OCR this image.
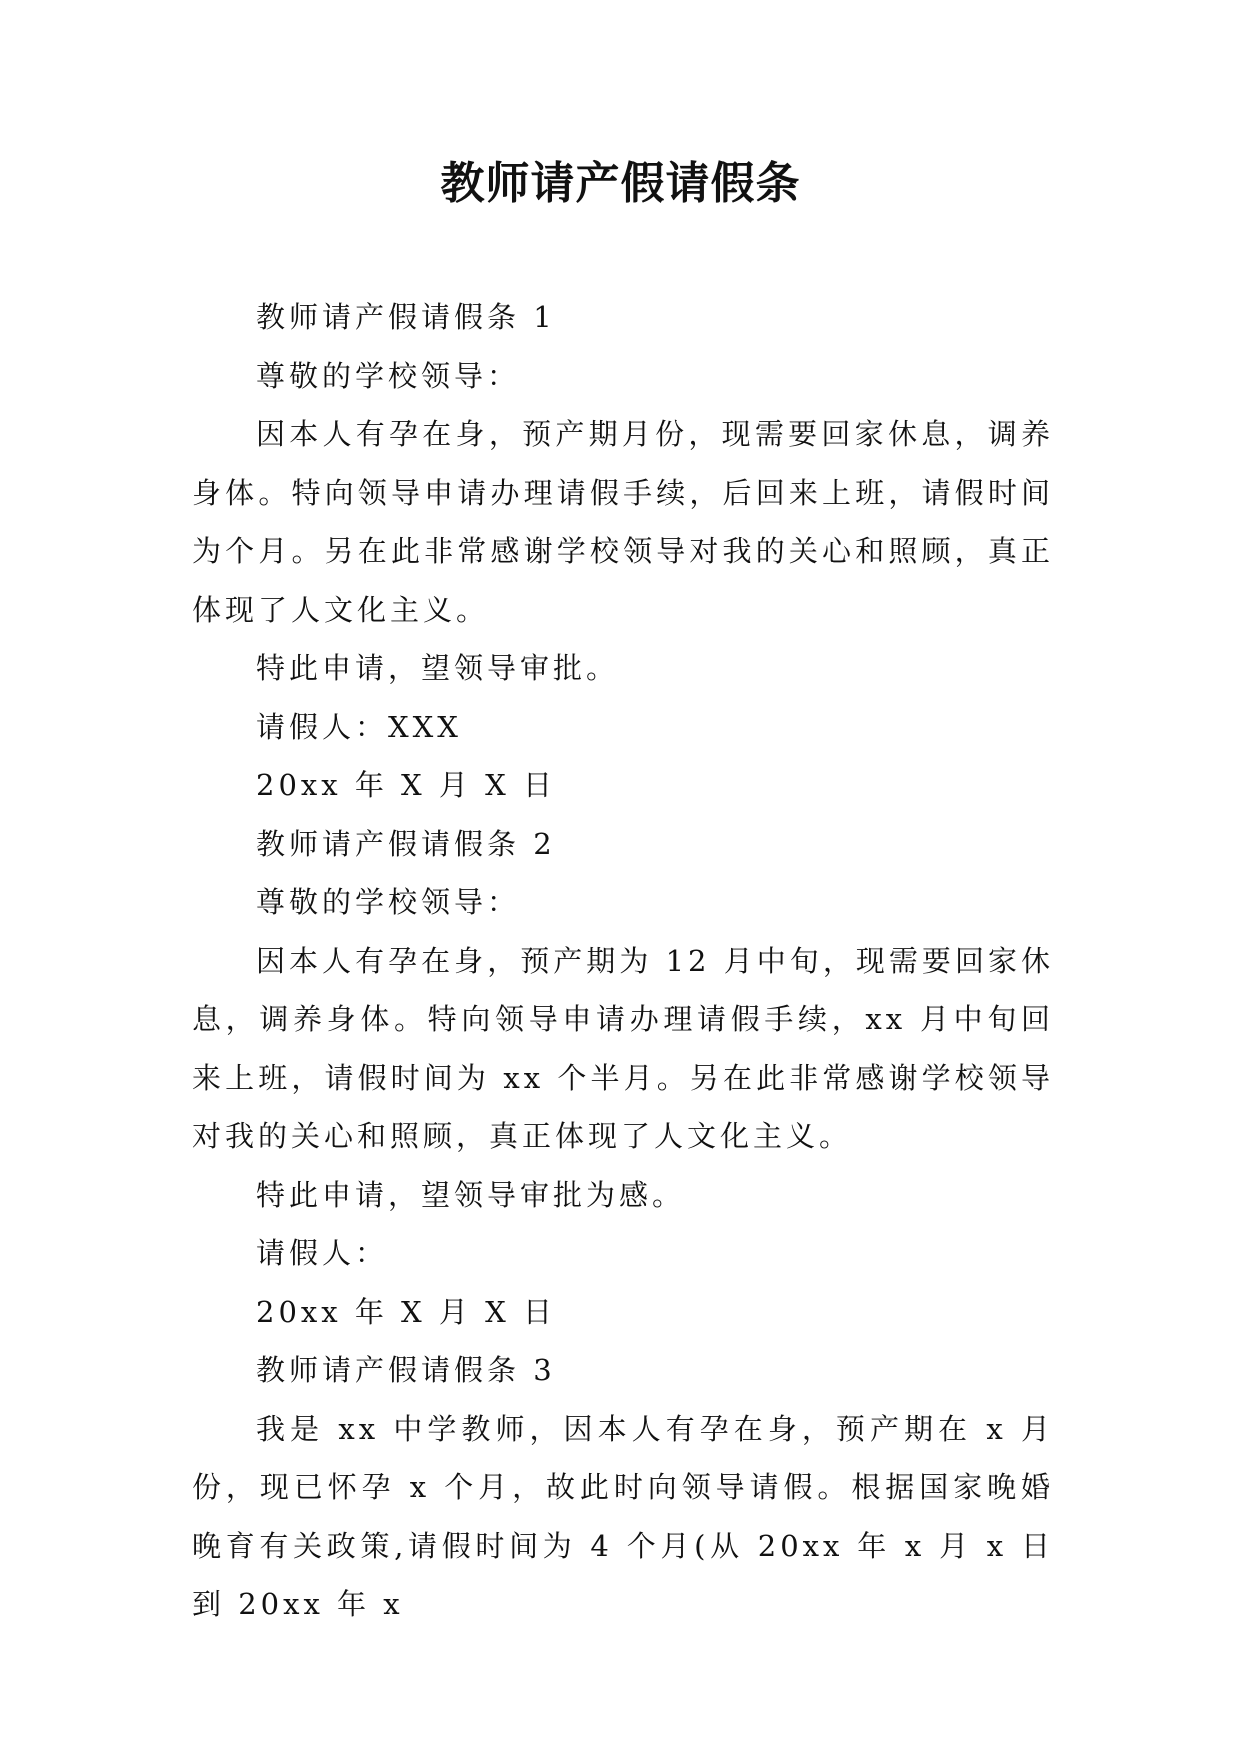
教师请产假请假条

教师请产假请假条 1

尊敬的学校领导：

因本人有孕在身，预产期月份，现需要回家休息，调养身体。特向领导申请办理请假手续，后回来上班，请假时间为个月。另在此非常感谢学校领导对我的关心和照顾，真正体现了人文化主义。

特此申请，望领导审批。

请假人：XXX

20xx 年 X 月 X 日

教师请产假请假条 2

尊敬的学校领导：

因本人有孕在身，预产期为 12 月中旬，现需要回家休息，调养身体。特向领导申请办理请假手续，xx 月中旬回来上班，请假时间为 xx 个半月。另在此非常感谢学校领导对我的关心和照顾，真正体现了人文化主义。

特此申请，望领导审批为感。

请假人：

20xx 年 X 月 X 日

教师请产假请假条 3

我是 xx 中学教师，因本人有孕在身，预产期在 x 月份，现已怀孕 x 个月，故此时向领导请假。根据国家晚婚晚育有关政策,请假时间为 4 个月(从 20xx 年 x 月 x 日到 20xx 年 x
